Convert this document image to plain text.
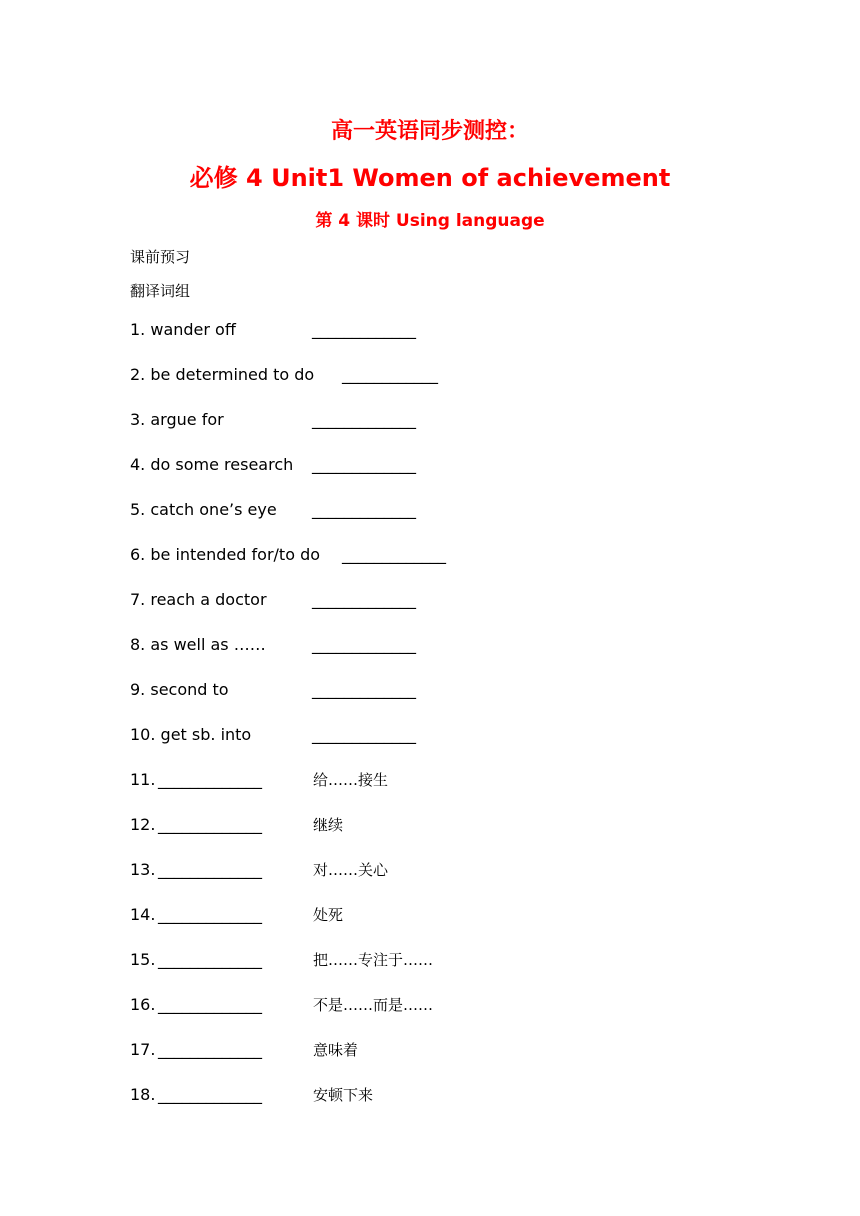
高一英语同步测控：
必修 4 Unit1 Women of achievement
第 4 课时 Using language
课前预习
翻译词组
1. wander off	_____________
2. be determined to do ____________
3. argue for	_____________
4. do some research _____________
5. catch one’s eye _____________
6. be intended for/to do _____________
7. reach a doctor	_____________
8. as well as ……	_____________
9. second to	_____________
10. get sb. into	_____________
11. _____________	给……接生
12. _____________	继续
13. _____________	对……关心
14. _____________	处死
15. _____________	把……专注于……
16. _____________	不是……而是……
17. _____________	意味着
18. _____________	安顿下来
